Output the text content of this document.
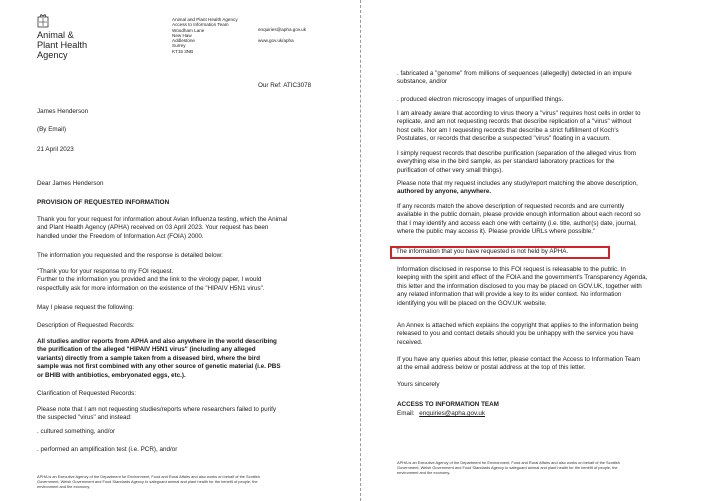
Animal &
Plant Health
Agency
Animal and Plant Health Agency
Access to Information Team
Woodham Lane
New Haw
Addlestone
Surrey
KT15 3NB
enquiries@apha.gov.uk
www.gov.uk/apha
Our Ref: ATIC3078
James Henderson
(By Email)
21 April 2023
Dear James Henderson
PROVISION OF REQUESTED INFORMATION
Thank you for your request for information about Avian Influenza testing, which the Animal
and Plant Health Agency (APHA) received on 03 April 2023. Your request has been
handled under the Freedom of Information Act (FOIA) 2000.
The information you requested and the response is detailed below:
"Thank you for your response to my FOI request.
Further to the information you provided and the link to the virology paper, I would
respectfully ask for more information on the existence of the "HIPAIV H5N1 virus".
May I please request the following:
Description of Requested Records:
All studies and/or reports from APHA and also anywhere in the world describing
the purification of the alleged "HIPAIV H5N1 virus" (including any alleged
variants) directly from a sample taken from a diseased bird, where the bird
sample was not first combined with any other source of genetic material (i.e. PBS
or BHIB with antibiotics, embryonated eggs, etc.).
Clarification of Requested Records:
Please note that I am not requesting studies/reports where researchers failed to purify
the suspected "virus" and instead:
. cultured something, and/or
. performed an amplification test (i.e. PCR), and/or
APHA is an Executive Agency of the Department for Environment, Food and Rural Affairs and also works on behalf of the Scottish
Government, Welsh Government and Food Standards Agency to safeguard animal and plant health for the benefit of people, the
environment and the economy.
. fabricated a "genome" from millions of sequences (allegedly) detected in an impure
substance, and/or
. produced electron microscopy images of unpurified things.
I am already aware that according to virus theory a "virus" requires host cells in order to
replicate, and am not requesting records that describe replication of a "virus" without
host cells. Nor am I requesting records that describe a strict fulfillment of Koch's
Postulates, or records that describe a suspected "virus" floating in a vacuum.
I simply request records that describe purification (separation of the alleged virus from
everything else in the bird sample, as per standard laboratory practices for the
purification of other very small things).
Please note that my request includes any study/report matching the above description,
authored by anyone, anywhere.
If any records match the above description of requested records and are currently
available in the public domain, please provide enough information about each record so
that I may identify and access each one with certainty (i.e. title, author(s) date, journal,
where the public may access it). Please provide URLs where possible."
The information that you have requested is not held by APHA.
Information disclosed in response to this FOI request is releasable to the public. In
keeping with the spirit and effect of the FOIA and the government's Transparency Agenda,
this letter and the information disclosed to you may be placed on GOV.UK, together with
any related information that will provide a key to its wider context. No information
identifying you will be placed on the GOV.UK website.
An Annex is attached which explains the copyright that applies to the information being
released to you and contact details should you be unhappy with the service you have
received.
If you have any queries about this letter, please contact the Access to Information Team
at the email address below or postal address at the top of this letter.
Yours sincerely
ACCESS TO INFORMATION TEAM
Email: enquiries@apha.gov.uk
APHA is an Executive Agency of the Department for Environment, Food and Rural Affairs and also works on behalf of the Scottish
Government, Welsh Government and Food Standards Agency to safeguard animal and plant health for the benefit of people, the
environment and the economy.
